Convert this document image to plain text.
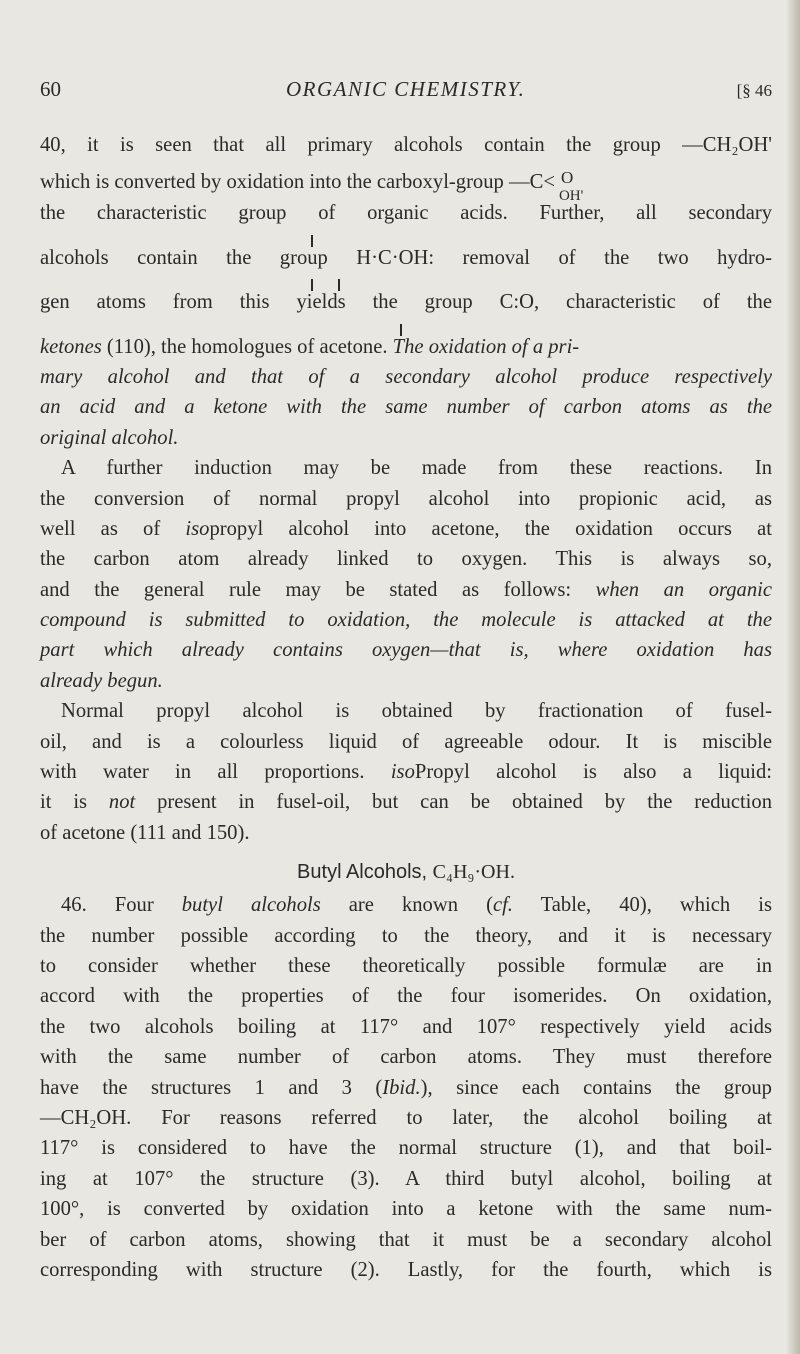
60	ORGANIC CHEMISTRY.	[§ 46
40, it is seen that all primary alcohols contain the group —CH₂OH'
which is converted by oxidation into the carboxyl-group —C< O
OH'
the characteristic group of organic acids. Further, all secondary
alcohols contain the group H·C·OH: removal of the two hydro-
gen atoms from this yields the group C:O, characteristic of the
ketones (110), the homologues of acetone. The oxidation of a pri-
mary alcohol and that of a secondary alcohol produce respectively
an acid and a ketone with the same number of carbon atoms as the
original alcohol.
A further induction may be made from these reactions. In
the conversion of normal propyl alcohol into propionic acid, as
well as of isopropyl alcohol into acetone, the oxidation occurs at
the carbon atom already linked to oxygen. This is always so,
and the general rule may be stated as follows: when an organic
compound is submitted to oxidation, the molecule is attacked at the
part which already contains oxygen—that is, where oxidation has
already begun.
Normal propyl alcohol is obtained by fractionation of fusel-
oil, and is a colourless liquid of agreeable odour. It is miscible
with water in all proportions. isoPropyl alcohol is also a liquid:
it is not present in fusel-oil, but can be obtained by the reduction
of acetone (111 and 150).
Butyl Alcohols, C₄H₉·OH.
46. Four butyl alcohols are known (cf. Table, 40), which is
the number possible according to the theory, and it is necessary
to consider whether these theoretically possible formulæ are in
accord with the properties of the four isomerides. On oxidation,
the two alcohols boiling at 117° and 107° respectively yield acids
with the same number of carbon atoms. They must therefore
have the structures 1 and 3 (Ibid.), since each contains the group
—CH₂OH. For reasons referred to later, the alcohol boiling at
117° is considered to have the normal structure (1), and that boil-
ing at 107° the structure (3). A third butyl alcohol, boiling at
100°, is converted by oxidation into a ketone with the same num-
ber of carbon atoms, showing that it must be a secondary alcohol
corresponding with structure (2). Lastly, for the fourth, which is
